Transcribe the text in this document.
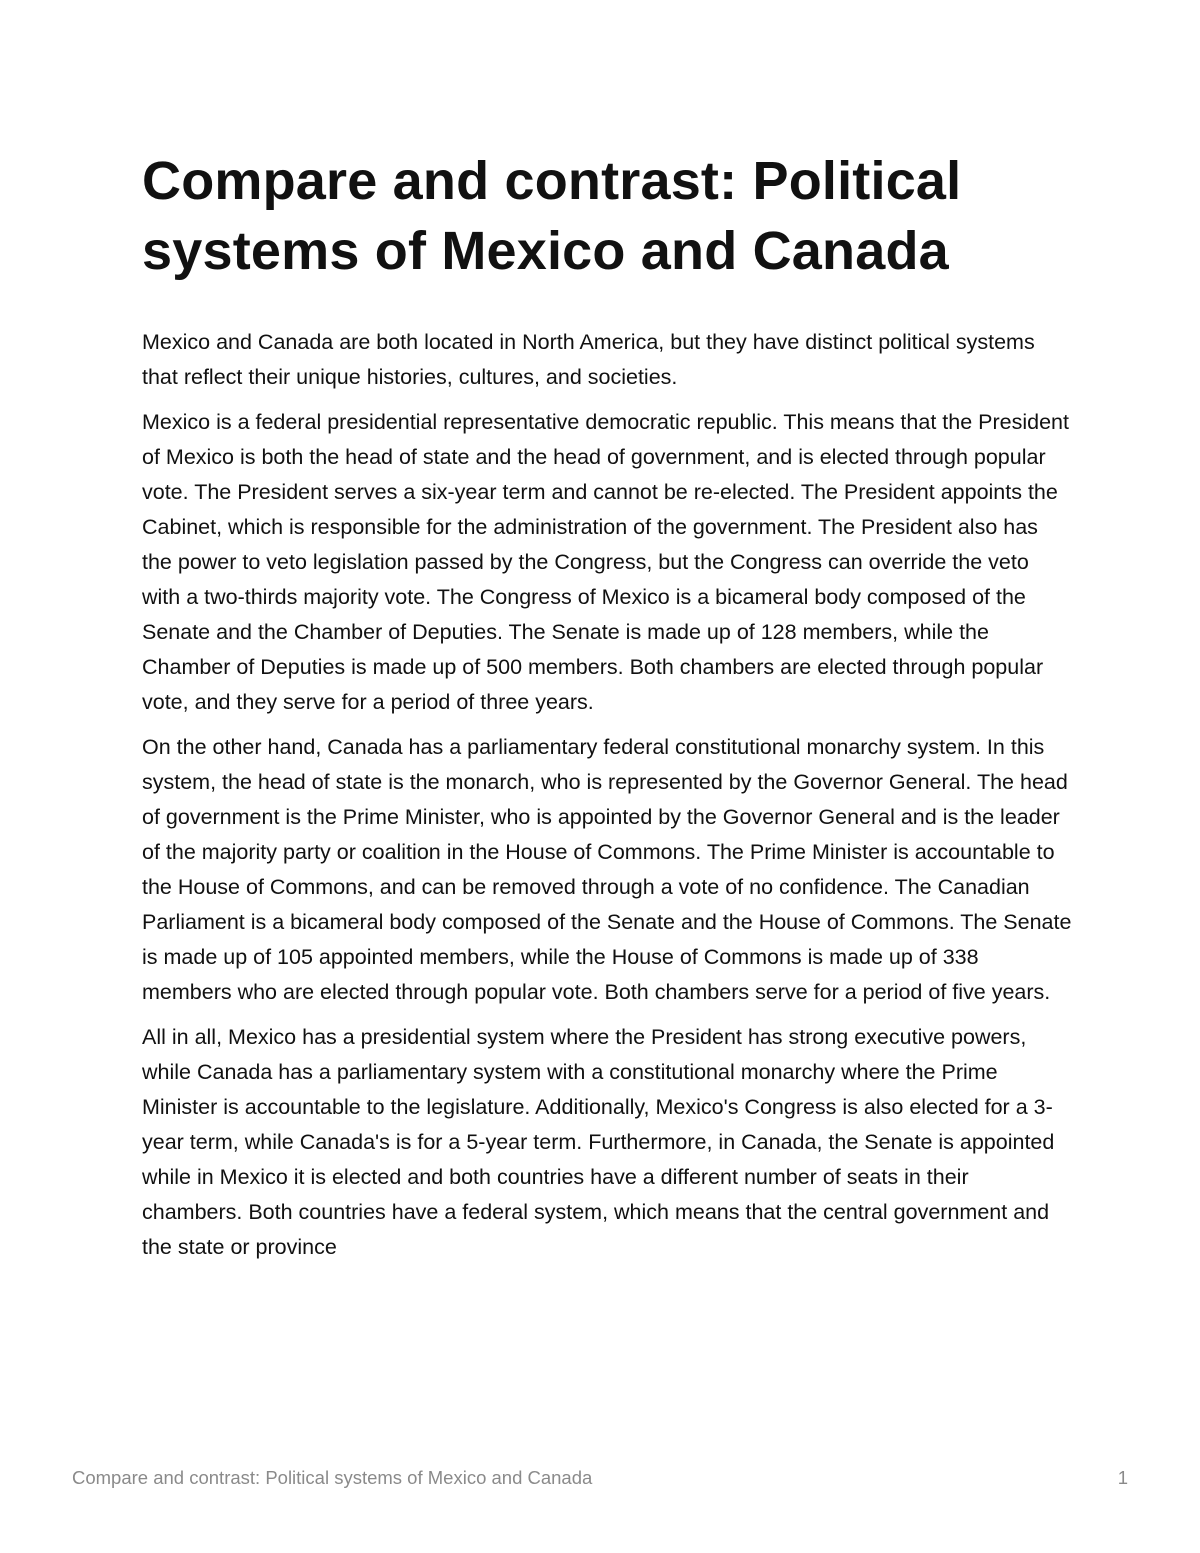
Compare and contrast: Political systems of Mexico and Canada

Mexico and Canada are both located in North America, but they have distinct political systems that reflect their unique histories, cultures, and societies.

Mexico is a federal presidential representative democratic republic. This means that the President of Mexico is both the head of state and the head of government, and is elected through popular vote. The President serves a six-year term and cannot be re-elected. The President appoints the Cabinet, which is responsible for the administration of the government. The President also has the power to veto legislation passed by the Congress, but the Congress can override the veto with a two-thirds majority vote. The Congress of Mexico is a bicameral body composed of the Senate and the Chamber of Deputies. The Senate is made up of 128 members, while the Chamber of Deputies is made up of 500 members. Both chambers are elected through popular vote, and they serve for a period of three years.

On the other hand, Canada has a parliamentary federal constitutional monarchy system. In this system, the head of state is the monarch, who is represented by the Governor General. The head of government is the Prime Minister, who is appointed by the Governor General and is the leader of the majority party or coalition in the House of Commons. The Prime Minister is accountable to the House of Commons, and can be removed through a vote of no confidence. The Canadian Parliament is a bicameral body composed of the Senate and the House of Commons. The Senate is made up of 105 appointed members, while the House of Commons is made up of 338 members who are elected through popular vote. Both chambers serve for a period of five years.

All in all, Mexico has a presidential system where the President has strong executive powers, while Canada has a parliamentary system with a constitutional monarchy where the Prime Minister is accountable to the legislature. Additionally, Mexico's Congress is also elected for a 3-year term, while Canada's is for a 5-year term. Furthermore, in Canada, the Senate is appointed while in Mexico it is elected and both countries have a different number of seats in their chambers. Both countries have a federal system, which means that the central government and the state or province

Compare and contrast: Political systems of Mexico and Canada	1
